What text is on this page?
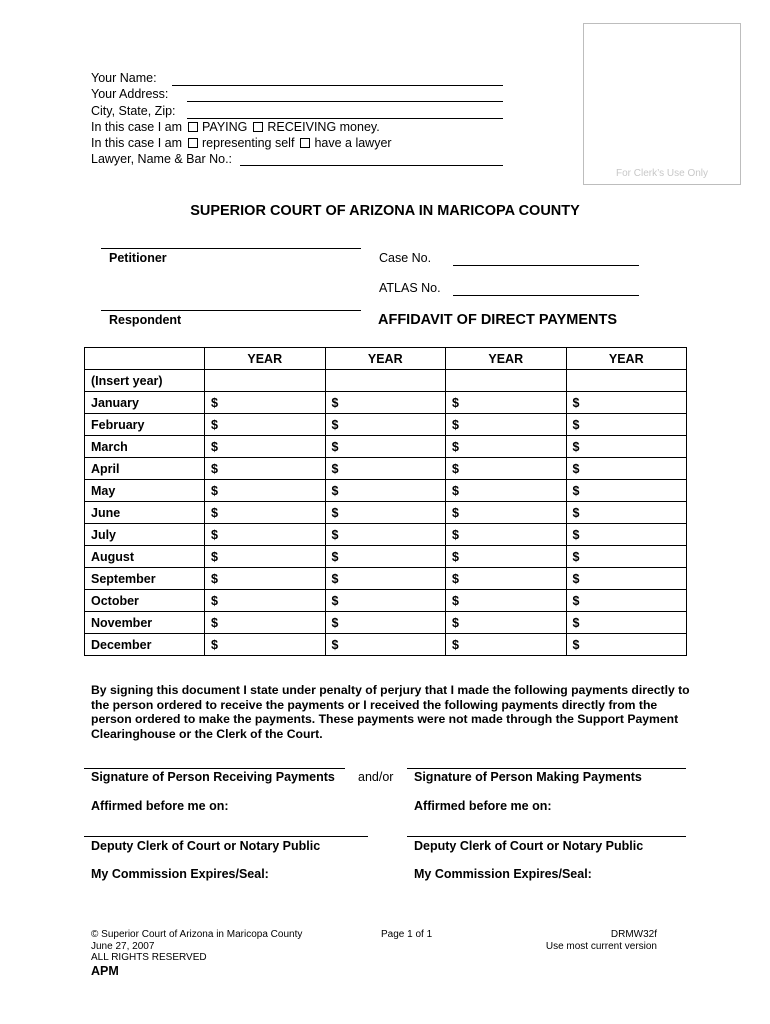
For Clerk’s Use Only
Your Name:
Your Address:
City, State, Zip:
In this case I am PAYING RECEIVING money.
In this case I am representing self have a lawyer
Lawyer, Name & Bar No.:
SUPERIOR COURT OF ARIZONA IN MARICOPA COUNTY
Petitioner
Respondent
Case No.
ATLAS No.
AFFIDAVIT OF DIRECT PAYMENTS
	YEAR	YEAR	YEAR	YEAR
(Insert year)				
January	$	$	$	$
February	$	$	$	$
March	$	$	$	$
April	$	$	$	$
May	$	$	$	$
June	$	$	$	$
July	$	$	$	$
August	$	$	$	$
September	$	$	$	$
October	$	$	$	$
November	$	$	$	$
December	$	$	$	$
By signing this document I state under penalty of perjury that I made the following payments directly to the person ordered to receive the payments or I received the following payments directly from the person ordered to make the payments. These payments were not made through the Support Payment Clearinghouse or the Clerk of the Court.
Signature of Person Receiving Payments and/or Signature of Person Making Payments
Affirmed before me on:	Affirmed before me on:
Deputy Clerk of Court or Notary Public	Deputy Clerk of Court or Notary Public
My Commission Expires/Seal:	My Commission Expires/Seal:
© Superior Court of Arizona in Maricopa County
June 27, 2007
ALL RIGHTS RESERVED
APM
Page 1 of 1	DRMW32f
Use most current version
